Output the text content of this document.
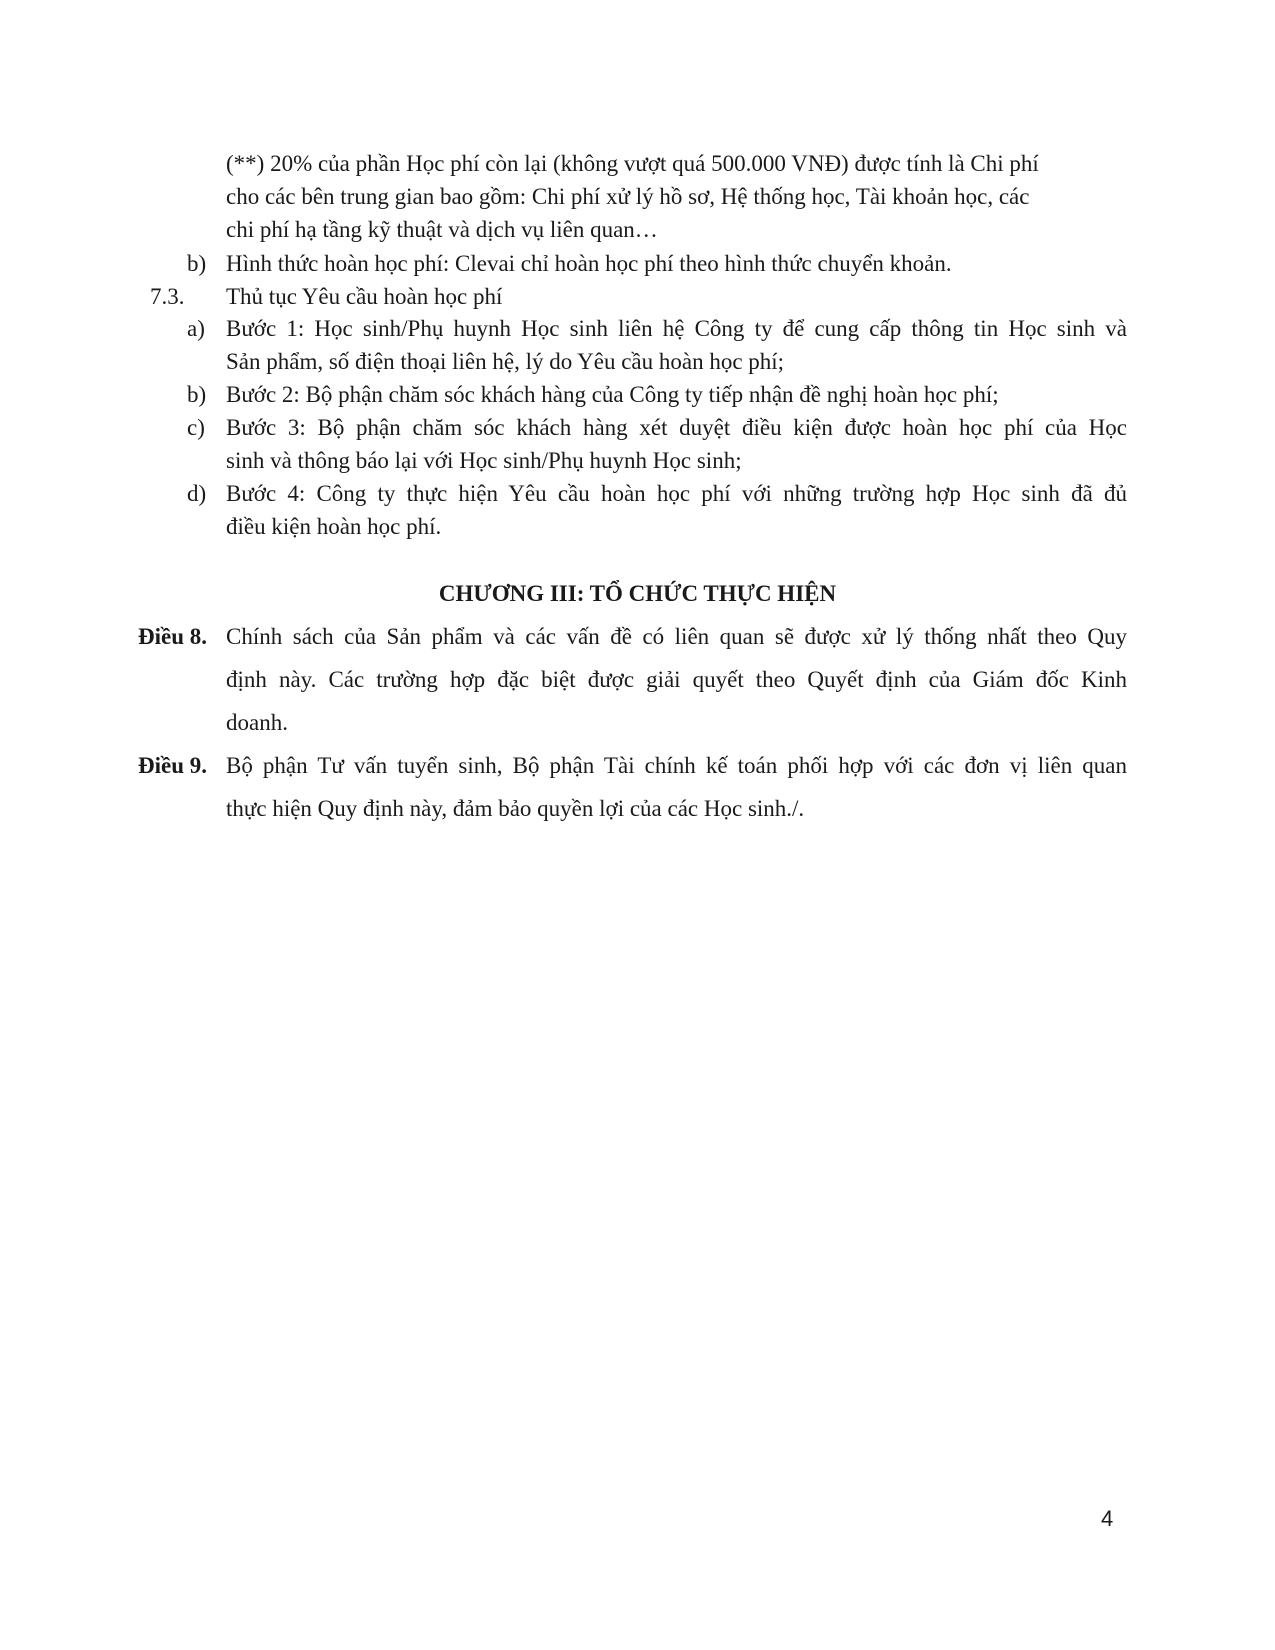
(**) 20% của phần Học phí còn lại (không vượt quá 500.000 VNĐ) được tính là Chi phí
cho các bên trung gian bao gồm: Chi phí xử lý hồ sơ, Hệ thống học, Tài khoản học, các
chi phí hạ tầng kỹ thuật và dịch vụ liên quan…
b) Hình thức hoàn học phí: Clevai chỉ hoàn học phí theo hình thức chuyển khoản.
7.3. Thủ tục Yêu cầu hoàn học phí
a) Bước 1: Học sinh/Phụ huynh Học sinh liên hệ Công ty để cung cấp thông tin Học sinh và
Sản phẩm, số điện thoại liên hệ, lý do Yêu cầu hoàn học phí;
b) Bước 2: Bộ phận chăm sóc khách hàng của Công ty tiếp nhận đề nghị hoàn học phí;
c) Bước 3: Bộ phận chăm sóc khách hàng xét duyệt điều kiện được hoàn học phí của Học
sinh và thông báo lại với Học sinh/Phụ huynh Học sinh;
d) Bước 4: Công ty thực hiện Yêu cầu hoàn học phí với những trường hợp Học sinh đã đủ
điều kiện hoàn học phí.
CHƯƠNG III: TỔ CHỨC THỰC HIỆN
Điều 8. Chính sách của Sản phẩm và các vấn đề có liên quan sẽ được xử lý thống nhất theo Quy
định này. Các trường hợp đặc biệt được giải quyết theo Quyết định của Giám đốc Kinh
doanh.
Điều 9. Bộ phận Tư vấn tuyển sinh, Bộ phận Tài chính kế toán phối hợp với các đơn vị liên quan
thực hiện Quy định này, đảm bảo quyền lợi của các Học sinh./.
4
